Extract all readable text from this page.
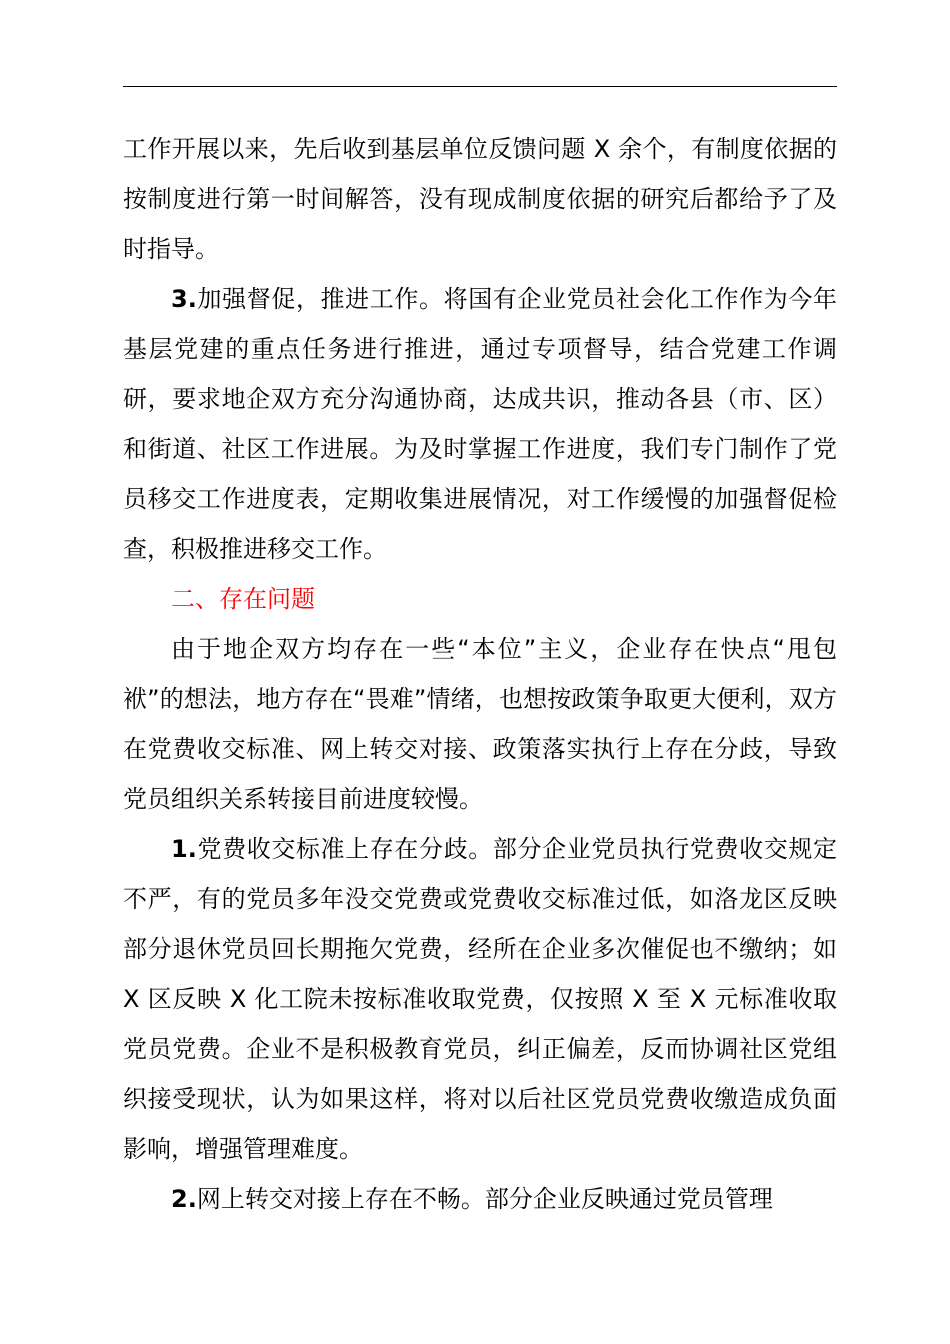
工作开展以来，先后收到基层单位反馈问题 X 余个，有制度依据的按制度进行第一时间解答，没有现成制度依据的研究后都给予了及时指导。

3.加强督促，推进工作。将国有企业党员社会化工作作为今年基层党建的重点任务进行推进，通过专项督导，结合党建工作调研，要求地企双方充分沟通协商，达成共识，推动各县（市、区）和街道、社区工作进展。为及时掌握工作进度，我们专门制作了党员移交工作进度表，定期收集进展情况，对工作缓慢的加强督促检查，积极推进移交工作。

二、存在问题

由于地企双方均存在一些“本位”主义，企业存在快点“甩包袱”的想法，地方存在“畏难”情绪，也想按政策争取更大便利，双方在党费收交标准、网上转交对接、政策落实执行上存在分歧，导致党员组织关系转接目前进度较慢。

1.党费收交标准上存在分歧。部分企业党员执行党费收交规定不严，有的党员多年没交党费或党费收交标准过低，如洛龙区反映部分退休党员回长期拖欠党费，经所在企业多次催促也不缴纳；如 X 区反映 X 化工院未按标准收取党费，仅按照 X 至 X 元标准收取党员党费。企业不是积极教育党员，纠正偏差，反而协调社区党组织接受现状，认为如果这样，将对以后社区党员党费收缴造成负面影响，增强管理难度。

2.网上转交对接上存在不畅。部分企业反映通过党员管理
